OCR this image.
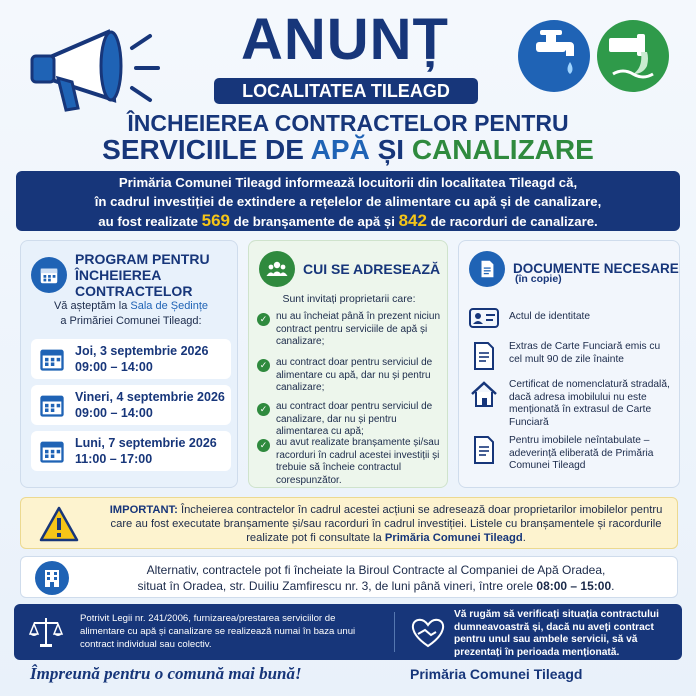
ANUNȚ
LOCALITATEA TILEAGD
ÎNCHEIEREA CONTRACTELOR PENTRU
SERVICIILE DE APĂ ȘI CANALIZARE
Primăria Comunei Tileagd informează locuitorii din localitatea Tileagd că,
în cadrul investiției de extindere a rețelelor de alimentare cu apă și de canalizare,
au fost realizate 569 de branșamente de apă și 842 de racorduri de canalizare.
PROGRAM PENTRU
ÎNCHEIEREA CONTRACTELOR
Vă așteptăm la Sala de Ședințe
a Primăriei Comunei Tileagd:
Joi, 3 septembrie 2026
09:00 – 14:00
Vineri, 4 septembrie 2026
09:00 – 14:00
Luni, 7 septembrie 2026
11:00 – 17:00
CUI SE ADRESEAZĂ
Sunt invitați proprietarii care:
✓ nu au încheiat până în prezent niciun contract pentru serviciile de apă și canalizare;
✓ au contract doar pentru serviciul de alimentare cu apă, dar nu și pentru canalizare;
✓ au contract doar pentru serviciul de canalizare, dar nu și pentru alimentarea cu apă;
✓ au avut realizate branșamente și/sau racorduri în cadrul acestei investiții și trebuie să încheie contractul corespunzător.
DOCUMENTE NECESARE
(în copie)
Actul de identitate
Extras de Carte Funciară emis cu cel mult 90 de zile înainte
Certificat de nomenclatură stradală, dacă adresa imobilului nu este menționată în extrasul de Carte Funciară
Pentru imobilele neîntabulate – adeverință eliberată de Primăria Comunei Tileagd
IMPORTANT: Încheierea contractelor în cadrul acestei acțiuni se adresează doar proprietarilor imobilelor pentru care au fost executate branșamente și/sau racorduri în cadrul investiției. Listele cu branșamentele și racordurile realizate pot fi consultate la Primăria Comunei Tileagd.
Alternativ, contractele pot fi încheiate la Biroul Contracte al Companiei de Apă Oradea,
situat în Oradea, str. Duiliu Zamfirescu nr. 3, de luni până vineri, între orele 08:00 – 15:00.
Potrivit Legii nr. 241/2006, furnizarea/prestarea serviciilor de alimentare cu apă și canalizare se realizează numai în baza unui contract individual sau colectiv.
Vă rugăm să verificați situația contractului dumneavoastră și, dacă nu aveți contract pentru unul sau ambele servicii, să vă prezentați în perioada menționată.
Împreună pentru o comună mai bună!	Primăria Comunei Tileagd
